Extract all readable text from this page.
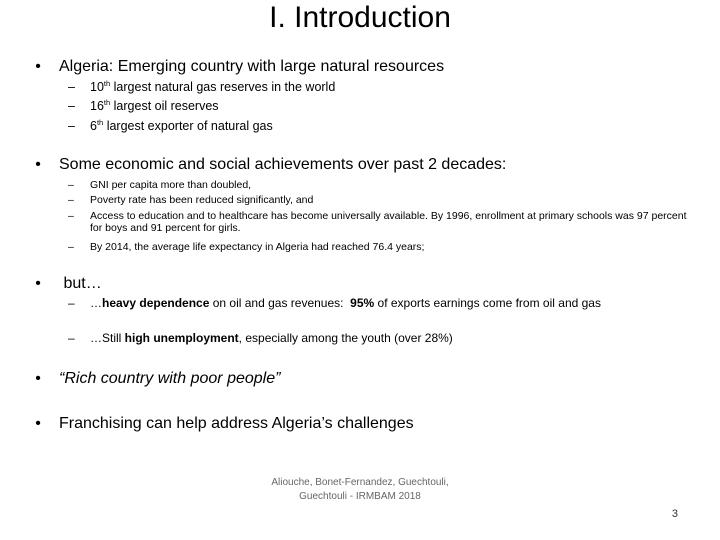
I. Introduction
• Algeria: Emerging country with large natural resources
– 10th largest natural gas reserves in the world
– 16th largest oil reserves
– 6th largest exporter of natural gas
• Some economic and social achievements over past 2 decades:
– GNI per capita more than doubled,
– Poverty rate has been reduced significantly, and
– Access to education and to healthcare has become universally available. By 1996, enrollment at primary schools was 97 percent for boys and 91 percent for girls.
– By 2014, the average life expectancy in Algeria had reached 76.4 years;
• but…
– …heavy dependence on oil and gas revenues:  95% of exports earnings come from oil and gas
– …Still high unemployment, especially among the youth (over 28%)
• “Rich country with poor people”
• Franchising can help address Algeria’s challenges
Aliouche, Bonet-Fernandez, Guechtouli,
Guechtouli - IRMBAM 2018
3
